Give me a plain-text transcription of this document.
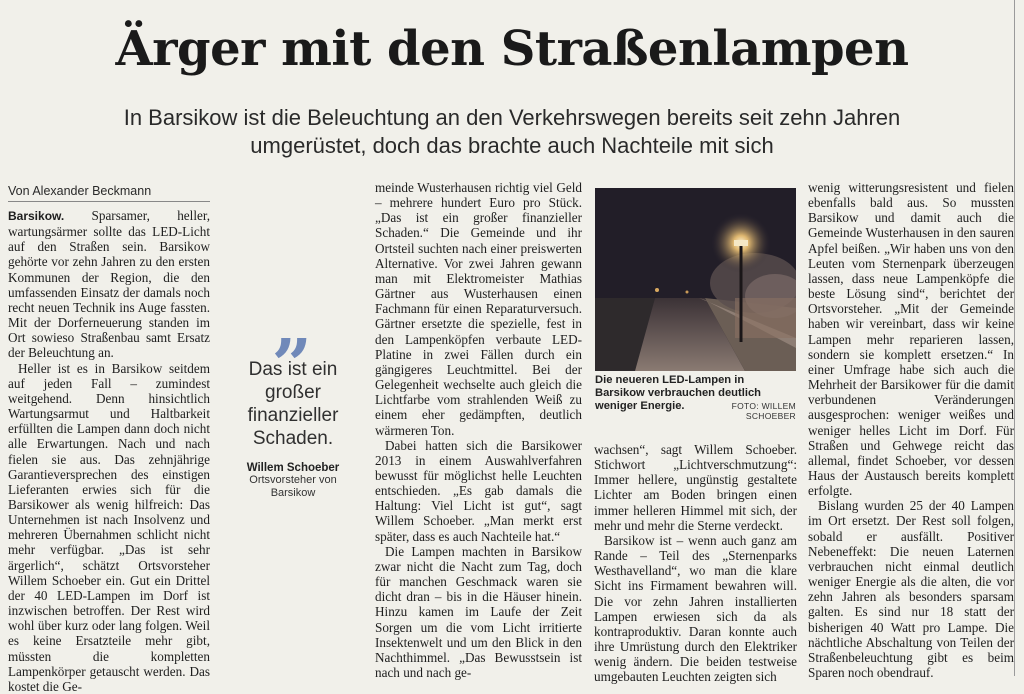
Ärger mit den Straßenlampen

In Barsikow ist die Beleuchtung an den Verkehrswegen bereits seit zehn Jahren umgerüstet, doch das brachte auch Nachteile mit sich

Von Alexander Beckmann

Barsikow. Sparsamer, heller, wartungsärmer sollte das LED-Licht auf den Straßen sein. Barsikow gehörte vor zehn Jahren zu den ersten Kommunen der Region, die den umfassenden Einsatz der damals noch recht neuen Technik ins Auge fassten. Mit der Dorferneuerung standen im Ort sowieso Straßenbau samt Ersatz der Beleuchtung an.

Heller ist es in Barsikow seitdem auf jeden Fall – zumindest weitgehend. Denn hinsichtlich Wartungsarmut und Haltbarkeit erfüllten die Lampen dann doch nicht alle Erwartungen. Nach und nach fielen sie aus. Das zehnjährige Garantieversprechen des einstigen Lieferanten erwies sich für die Barsikower als wenig hilfreich: Das Unternehmen ist nach Insolvenz und mehreren Übernahmen schlicht nicht mehr verfügbar. „Das ist sehr ärgerlich“, schätzt Ortsvorsteher Willem Schoeber ein. Gut ein Drittel der 40 LED-Lampen im Dorf ist inzwischen betroffen. Der Rest wird wohl über kurz oder lang folgen. Weil es keine Ersatzteile mehr gibt, müssten die kompletten Lampenkörper getauscht werden. Das kostet die Ge-

„
Das ist ein großer finanzieller Schaden.
Willem Schoeber
Ortsvorsteher von Barsikow

meinde Wusterhausen richtig viel Geld – mehrere hundert Euro pro Stück. „Das ist ein großer finanzieller Schaden.“ Die Gemeinde und ihr Ortsteil suchten nach einer preiswerten Alternative. Vor zwei Jahren gewann man mit Elektromeister Mathias Gärtner aus Wusterhausen einen Fachmann für einen Reparaturversuch. Gärtner ersetzte die spezielle, fest in den Lampenköpfen verbaute LED-Platine in zwei Fällen durch ein gängigeres Leuchtmittel. Bei der Gelegenheit wechselte auch gleich die Lichtfarbe vom strahlenden Weiß zu einem eher gedämpften, deutlich wärmeren Ton.

Dabei hatten sich die Barsikower 2013 in einem Auswahlverfahren bewusst für möglichst helle Leuchten entschieden. „Es gab damals die Haltung: Viel Licht ist gut“, sagt Willem Schoeber. „Man merkt erst später, dass es auch Nachteile hat.“

Die Lampen machten in Barsikow zwar nicht die Nacht zum Tag, doch für manchen Geschmack waren sie dicht dran – bis in die Häuser hinein. Hinzu kamen im Laufe der Zeit Sorgen um die vom Licht irritierte Insektenwelt und um den Blick in den Nachthimmel. „Das Bewusstsein ist nach und nach ge-

Die neueren LED-Lampen in Barsikow verbrauchen deutlich weniger Energie.	FOTO: WILLEM SCHOEBER

wachsen“, sagt Willem Schoeber. Stichwort „Lichtverschmutzung“: Immer hellere, ungünstig gestaltete Lichter am Boden bringen einen immer helleren Himmel mit sich, der mehr und mehr die Sterne verdeckt.

Barsikow ist – wenn auch ganz am Rande – Teil des „Sternenparks Westhavelland“, wo man die klare Sicht ins Firmament bewahren will. Die vor zehn Jahren installierten Lampen erwiesen sich da als kontraproduktiv. Daran konnte auch ihre Umrüstung durch den Elektriker wenig ändern. Die beiden testweise umgebauten Leuchten zeigten sich

wenig witterungsresistent und fielen ebenfalls bald aus. So mussten Barsikow und damit auch die Gemeinde Wusterhausen in den sauren Apfel beißen. „Wir haben uns von den Leuten vom Sternenpark überzeugen lassen, dass neue Lampenköpfe die beste Lösung sind“, berichtet der Ortsvorsteher. „Mit der Gemeinde haben wir vereinbart, dass wir keine Lampen mehr reparieren lassen, sondern sie komplett ersetzen.“ In einer Umfrage habe sich auch die Mehrheit der Barsikower für die damit verbundenen Veränderungen ausgesprochen: weniger weißes und weniger helles Licht im Dorf. Für Straßen und Gehwege reicht das allemal, findet Schoeber, vor dessen Haus der Austausch bereits komplett erfolgte.

Bislang wurden 25 der 40 Lampen im Ort ersetzt. Der Rest soll folgen, sobald er ausfällt. Positiver Nebeneffekt: Die neuen Laternen verbrauchen nicht einmal deutlich weniger Energie als die alten, die vor zehn Jahren als besonders sparsam galten. Es sind nur 18 statt der bisherigen 40 Watt pro Lampe. Die nächtliche Abschaltung von Teilen der Straßenbeleuchtung gibt es beim Sparen noch obendrauf.
